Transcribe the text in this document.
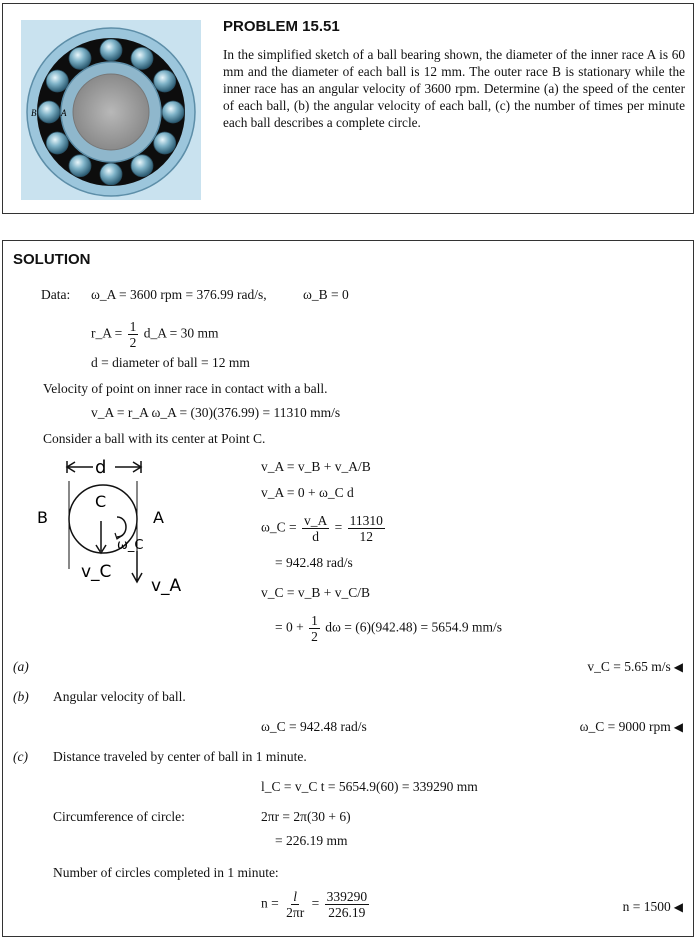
B	A
PROBLEM 15.51
In the simplified sketch of a ball bearing shown, the diameter of the inner race A is 60 mm and the diameter of each ball is 12 mm. The outer race B is stationary while the inner race has an angular velocity of 3600 rpm. Determine (a) the speed of the center of each ball, (b) the angular velocity of each ball, (c) the number of times per minute each ball describes a complete circle.
SOLUTION
Data: ω_A = 3600 rpm = 376.99 rad/s,	ω_B = 0
r_A = $\frac{1}{2}$ d_A = 30 mm
d = diameter of ball = 12 mm
Velocity of point on inner race in contact with a ball.
v_A = r_A ω_A = (30)(376.99) = 11310 mm/s
Consider a ball with its center at Point C.
d
B	A
C
ω_C
v_C
v_A
v_A = v_B + v_A/B
v_A = 0 + ω_C d
ω_C = $\frac{v\_A}{d} = \frac{11310}{12}$
= 942.48 rad/s
v_C = v_B + v_C/B
= $0 + \frac{1}{2}$ dω = (6)(942.48) = 5654.9 mm/s
(a)	v_C = 5.65 m/s ◀
(b) Angular velocity of ball.
ω_C = 942.48 rad/s	ω_C = 9000 rpm ◀
(c) Distance traveled by center of ball in 1 minute.
l_C = v_C t = 5654.9(60) = 339290 mm
Circumference of circle:	2πr = 2π(30 + 6)
= 226.19 mm
Number of circles completed in 1 minute:
$n = \frac{l}{2\pi r} = \frac{339290}{226.19}$	n = 1500 ◀
